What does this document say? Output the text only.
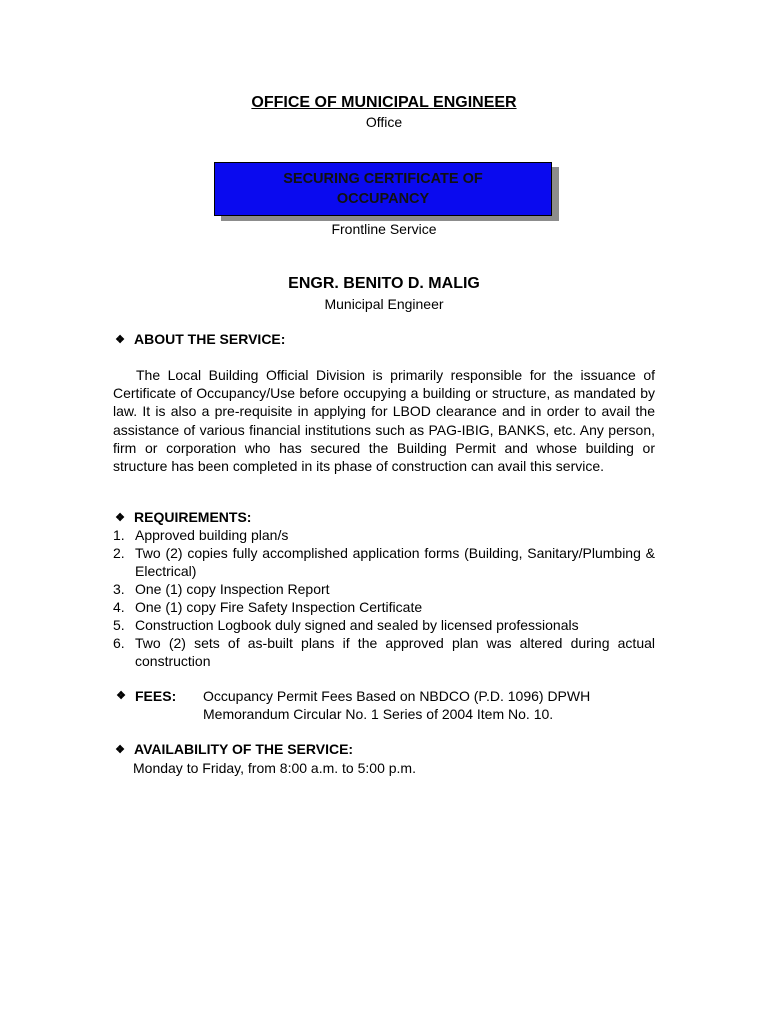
OFFICE OF MUNICIPAL ENGINEER
Office
SECURING CERTIFICATE OF OCCUPANCY
Frontline Service
ENGR. BENITO D. MALIG
Municipal Engineer
❖ ABOUT THE SERVICE:
The Local Building Official Division is primarily responsible for the issuance of Certificate of Occupancy/Use before occupying a building or structure, as mandated by law. It is also a pre-requisite in applying for LBOD clearance and in order to avail the assistance of various financial institutions such as PAG-IBIG, BANKS, etc. Any person, firm or corporation who has secured the Building Permit and whose building or structure has been completed in its phase of construction can avail this service.
❖ REQUIREMENTS:
1. Approved building plan/s
2. Two (2) copies fully accomplished application forms (Building, Sanitary/Plumbing & Electrical)
3. One (1) copy Inspection Report
4. One (1) copy Fire Safety Inspection Certificate
5. Construction Logbook duly signed and sealed by licensed professionals
6. Two (2) sets of as-built plans if the approved plan was altered during actual construction
❖ FEES: Occupancy Permit Fees Based on NBDCO (P.D. 1096) DPWH Memorandum Circular No. 1 Series of 2004 Item No. 10.
❖ AVAILABILITY OF THE SERVICE:
Monday to Friday, from 8:00 a.m. to 5:00 p.m.
